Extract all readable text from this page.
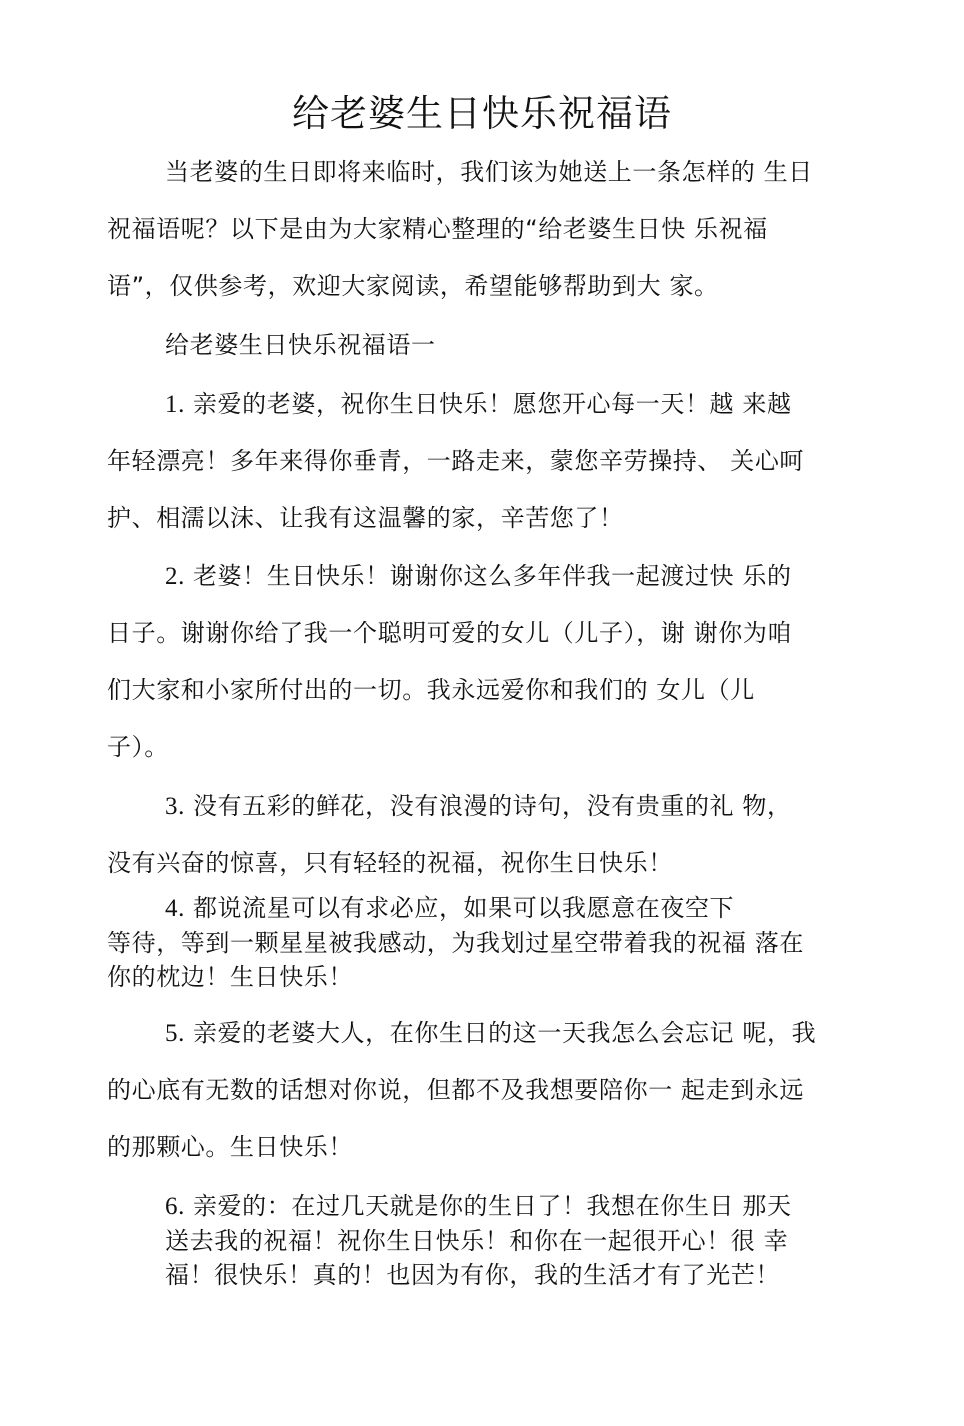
给老婆生日快乐祝福语
当老婆的生日即将来临时，我们该为她送上一条怎样的 生日
祝福语呢？以下是由为大家精心整理的“给老婆生日快 乐祝福
语”，仅供参考，欢迎大家阅读，希望能够帮助到大 家。
给老婆生日快乐祝福语一
1. 亲爱的老婆，祝你生日快乐！愿您开心每一天！越 来越
年轻漂亮！多年来得你垂青，一路走来，蒙您辛劳操持、 关心呵
护、相濡以沫、让我有这温馨的家，辛苦您了！
2. 老婆！生日快乐！谢谢你这么多年伴我一起渡过快 乐的
日子。谢谢你给了我一个聪明可爱的女儿（儿子），谢 谢你为咱
们大家和小家所付出的一切。我永远爱你和我们的 女儿（儿
子）。
3. 没有五彩的鲜花，没有浪漫的诗句，没有贵重的礼 物，
没有兴奋的惊喜，只有轻轻的祝福，祝你生日快乐！
4. 都说流星可以有求必应，如果可以我愿意在夜空下
等待，等到一颗星星被我感动，为我划过星空带着我的祝福 落在
你的枕边！生日快乐！
5. 亲爱的老婆大人，在你生日的这一天我怎么会忘记 呢，我
的心底有无数的话想对你说，但都不及我想要陪你一 起走到永远
的那颗心。生日快乐！
6. 亲爱的：在过几天就是你的生日了！我想在你生日 那天
送去我的祝福！祝你生日快乐！和你在一起很开心！很 幸
福！很快乐！真的！也因为有你，我的生活才有了光芒！
